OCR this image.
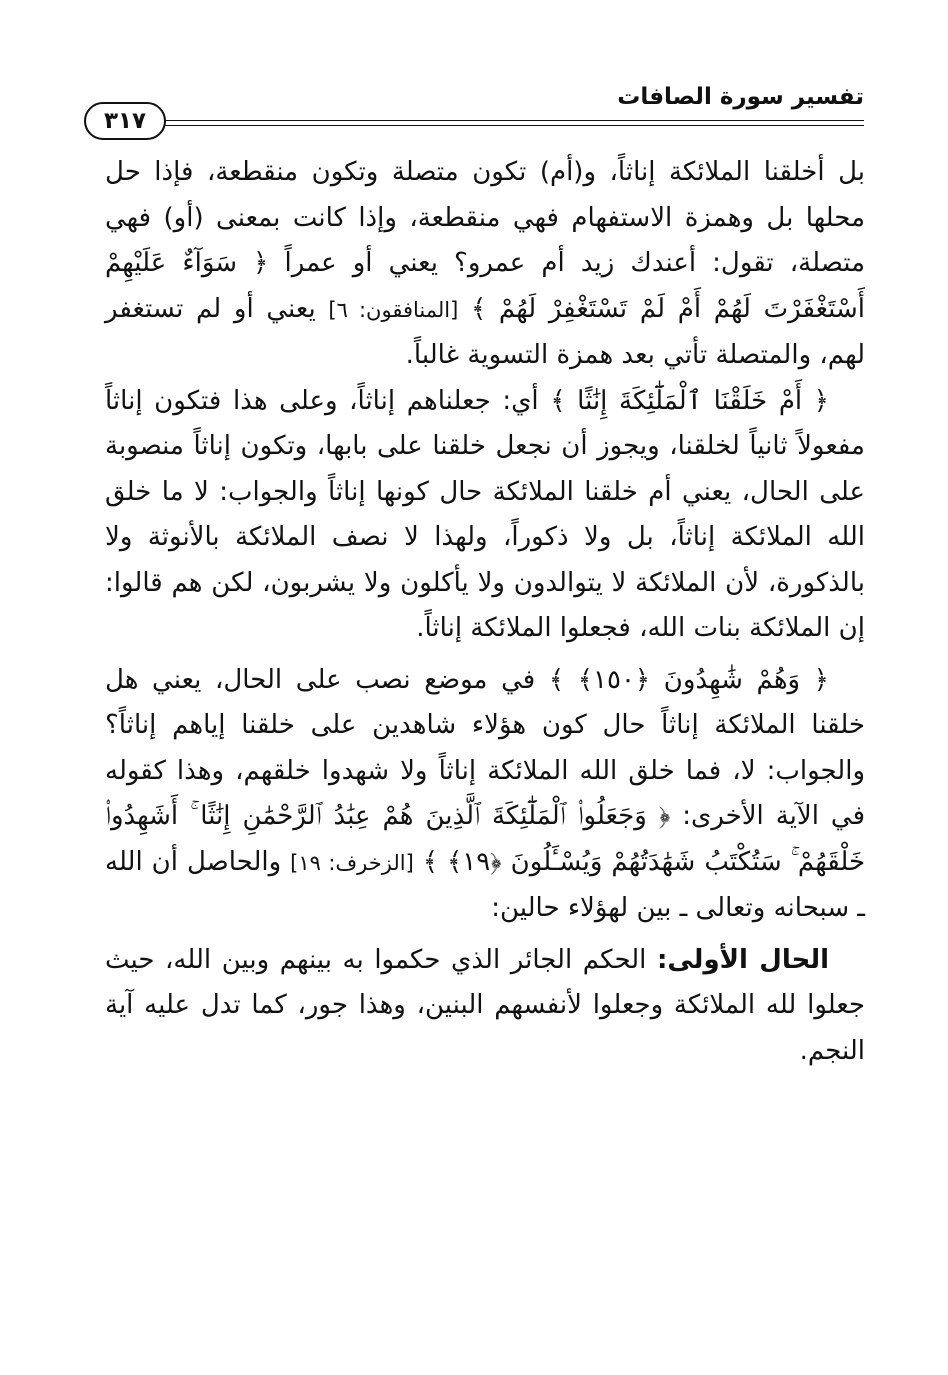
تفسير سورة الصافات
٣١٧

بل أخلقنا الملائكة إناثاً، و(أم) تكون متصلة وتكون منقطعة، فإذا حل محلها بل وهمزة الاستفهام فهي منقطعة، وإذا كانت بمعنى (أو) فهي متصلة، تقول: أعندك زيد أم عمرو؟ يعني أو عمراً ﴿ سَوَآءٌ عَلَيْهِمْ أَسْتَغْفَرْتَ لَهُمْ أَمْ لَمْ تَسْتَغْفِرْ لَهُمْ ﴾ [المنافقون: ٦] يعني أو لم تستغفر لهم، والمتصلة تأتي بعد همزة التسوية غالباً.

﴿ أَمْ خَلَقْنَا ٱلْمَلَٰٓئِكَةَ إِنَٰثًا ﴾ أي: جعلناهم إناثاً، وعلى هذا فتكون إناثاً مفعولاً ثانياً لخلقنا، ويجوز أن نجعل خلقنا على بابها، وتكون إناثاً منصوبة على الحال، يعني أم خلقنا الملائكة حال كونها إناثاً والجواب: لا ما خلق الله الملائكة إناثاً، بل ولا ذكوراً، ولهذا لا نصف الملائكة بالأنوثة ولا بالذكورة، لأن الملائكة لا يتوالدون ولا يأكلون ولا يشربون، لكن هم قالوا: إن الملائكة بنات الله، فجعلوا الملائكة إناثاً.

﴿ وَهُمْ شَٰهِدُونَ ﴿١٥٠﴾ ﴾ في موضع نصب على الحال، يعني هل خلقنا الملائكة إناثاً حال كون هؤلاء شاهدين على خلقنا إياهم إناثاً؟ والجواب: لا، فما خلق الله الملائكة إناثاً ولا شهدوا خلقهم، وهذا كقوله في الآية الأخرى: ﴿ وَجَعَلُوا۟ ٱلْمَلَٰٓئِكَةَ ٱلَّذِينَ هُمْ عِبَٰدُ ٱلرَّحْمَٰنِ إِنَٰثًا ۚ أَشَهِدُوا۟ خَلْقَهُمْ ۚ سَتُكْتَبُ شَهَٰدَتُهُمْ وَيُسْـَٔلُونَ ﴿١٩﴾ ﴾ [الزخرف: ١٩] والحاصل أن الله ـ سبحانه وتعالى ـ بين لهؤلاء حالين:

الحال الأولى: الحكم الجائر الذي حكموا به بينهم وبين الله، حيث جعلوا لله الملائكة وجعلوا لأنفسهم البنين، وهذا جور، كما تدل عليه آية النجم.
